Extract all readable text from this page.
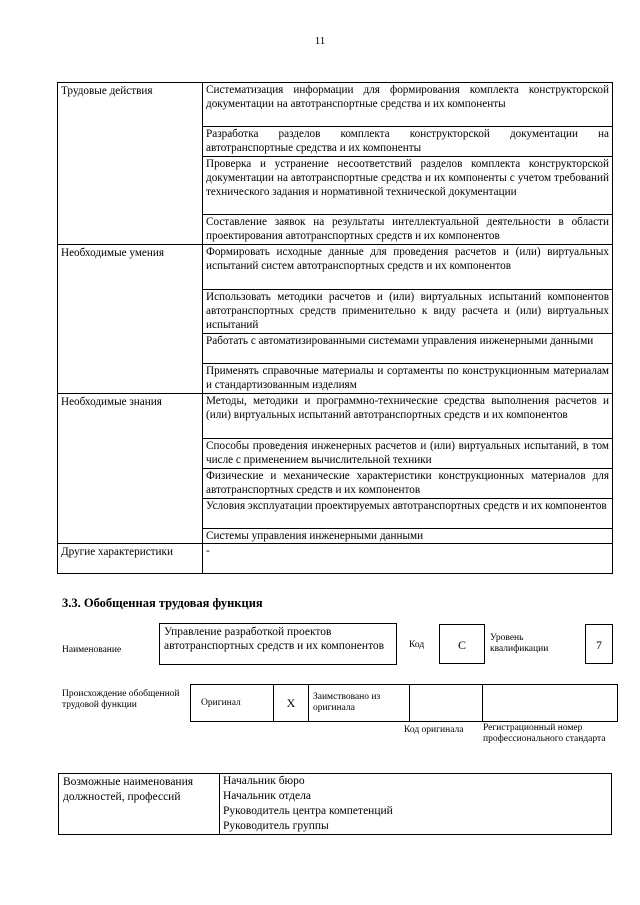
11
Трудовые действия	Систематизация информации для формирования комплекта конструкторской документации на автотранспортные средства и их компоненты
Разработка разделов комплекта конструкторской документации на автотранспортные средства и их компоненты
Проверка и устранение несоответствий разделов комплекта конструкторской документации на автотранспортные средства и их компоненты с учетом требований технического задания и нормативной технической документации
Составление заявок на результаты интеллектуальной деятельности в области проектирования автотранспортных средств и их компонентов

Необходимые умения	Формировать исходные данные для проведения расчетов и (или) виртуальных испытаний систем автотранспортных средств и их компонентов
Использовать методики расчетов и (или) виртуальных испытаний компонентов автотранспортных средств применительно к виду расчета и (или) виртуальных испытаний
Работать с автоматизированными системами управления инженерными данными
Применять справочные материалы и сортаменты по конструкционным материалам и стандартизованным изделиям

Необходимые знания	Методы, методики и программно-технические средства выполнения расчетов и (или) виртуальных испытаний автотранспортных средств и их компонентов
Способы проведения инженерных расчетов и (или) виртуальных испытаний, в том числе с применением вычислительной техники
Физические и механические характеристики конструкционных материалов для автотранспортных средств и их компонентов
Условия эксплуатации проектируемых автотранспортных средств и их компонентов
Системы управления инженерными данными

Другие характеристики	-
3.3. Обобщенная трудовая функция
Наименование
Управление разработкой проектов автотранспортных средств и их компонентов	Код	C	Уровень квалификации	7
Происхождение обобщенной трудовой функции	Оригинал	X	Заимствовано из оригинала		
Код оригинала Регистрационный номер профессионального стандарта
Возможные наименования должностей, профессий	
Начальник бюро
Начальник отдела
Руководитель центра компетенций
Руководитель группы
